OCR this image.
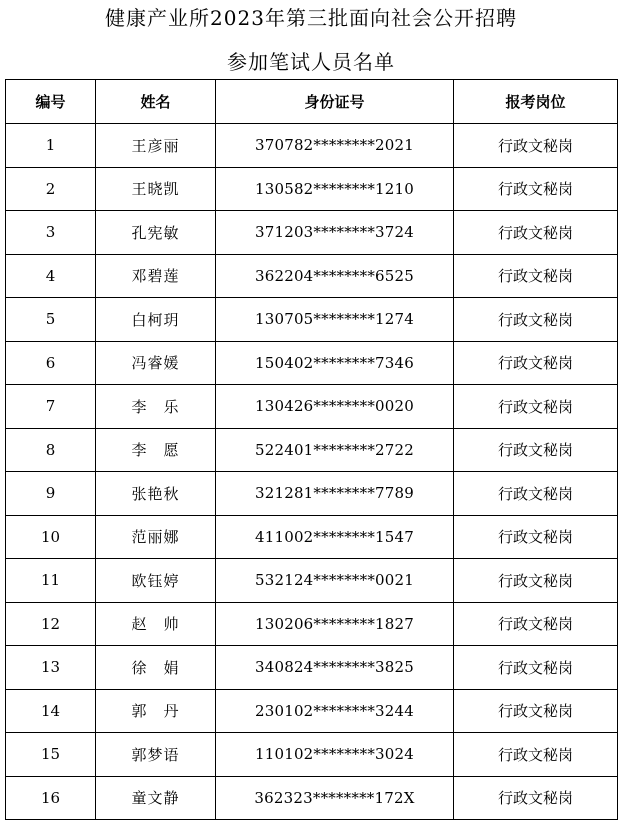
健康产业所2023年第三批面向社会公开招聘
参加笔试人员名单
编号	姓名	身份证号	报考岗位
1	王彦丽	370782********2021	行政文秘岗
2	王晓凯	130582********1210	行政文秘岗
3	孔宪敏	371203********3724	行政文秘岗
4	邓碧莲	362204********6525	行政文秘岗
5	白柯玥	130705********1274	行政文秘岗
6	冯睿媛	150402********7346	行政文秘岗
7	李　乐	130426********0020	行政文秘岗
8	李　愿	522401********2722	行政文秘岗
9	张艳秋	321281********7789	行政文秘岗
10	范丽娜	411002********1547	行政文秘岗
11	欧钰婷	532124********0021	行政文秘岗
12	赵　帅	130206********1827	行政文秘岗
13	徐　娟	340824********3825	行政文秘岗
14	郭　丹	230102********3244	行政文秘岗
15	郭梦语	110102********3024	行政文秘岗
16	童文静	362323********172X	行政文秘岗
